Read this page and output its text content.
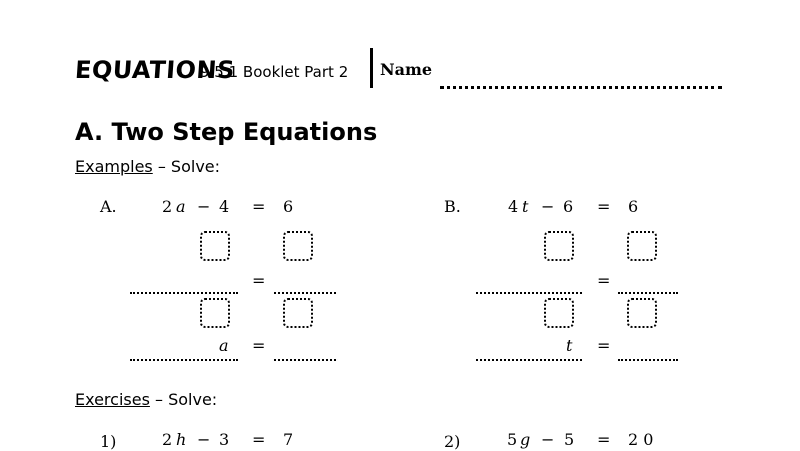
EQUATIONS
9 5.1 Booklet Part 2 Name
A. Two Step Equations
Examples – Solve:
A.	2 a − 4 = 6
=
a =
B.	4 t − 6 = 6
=
t =
Exercises – Solve:
1)	2 h − 3 = 7	2)	5 g − 5 = 2 0
